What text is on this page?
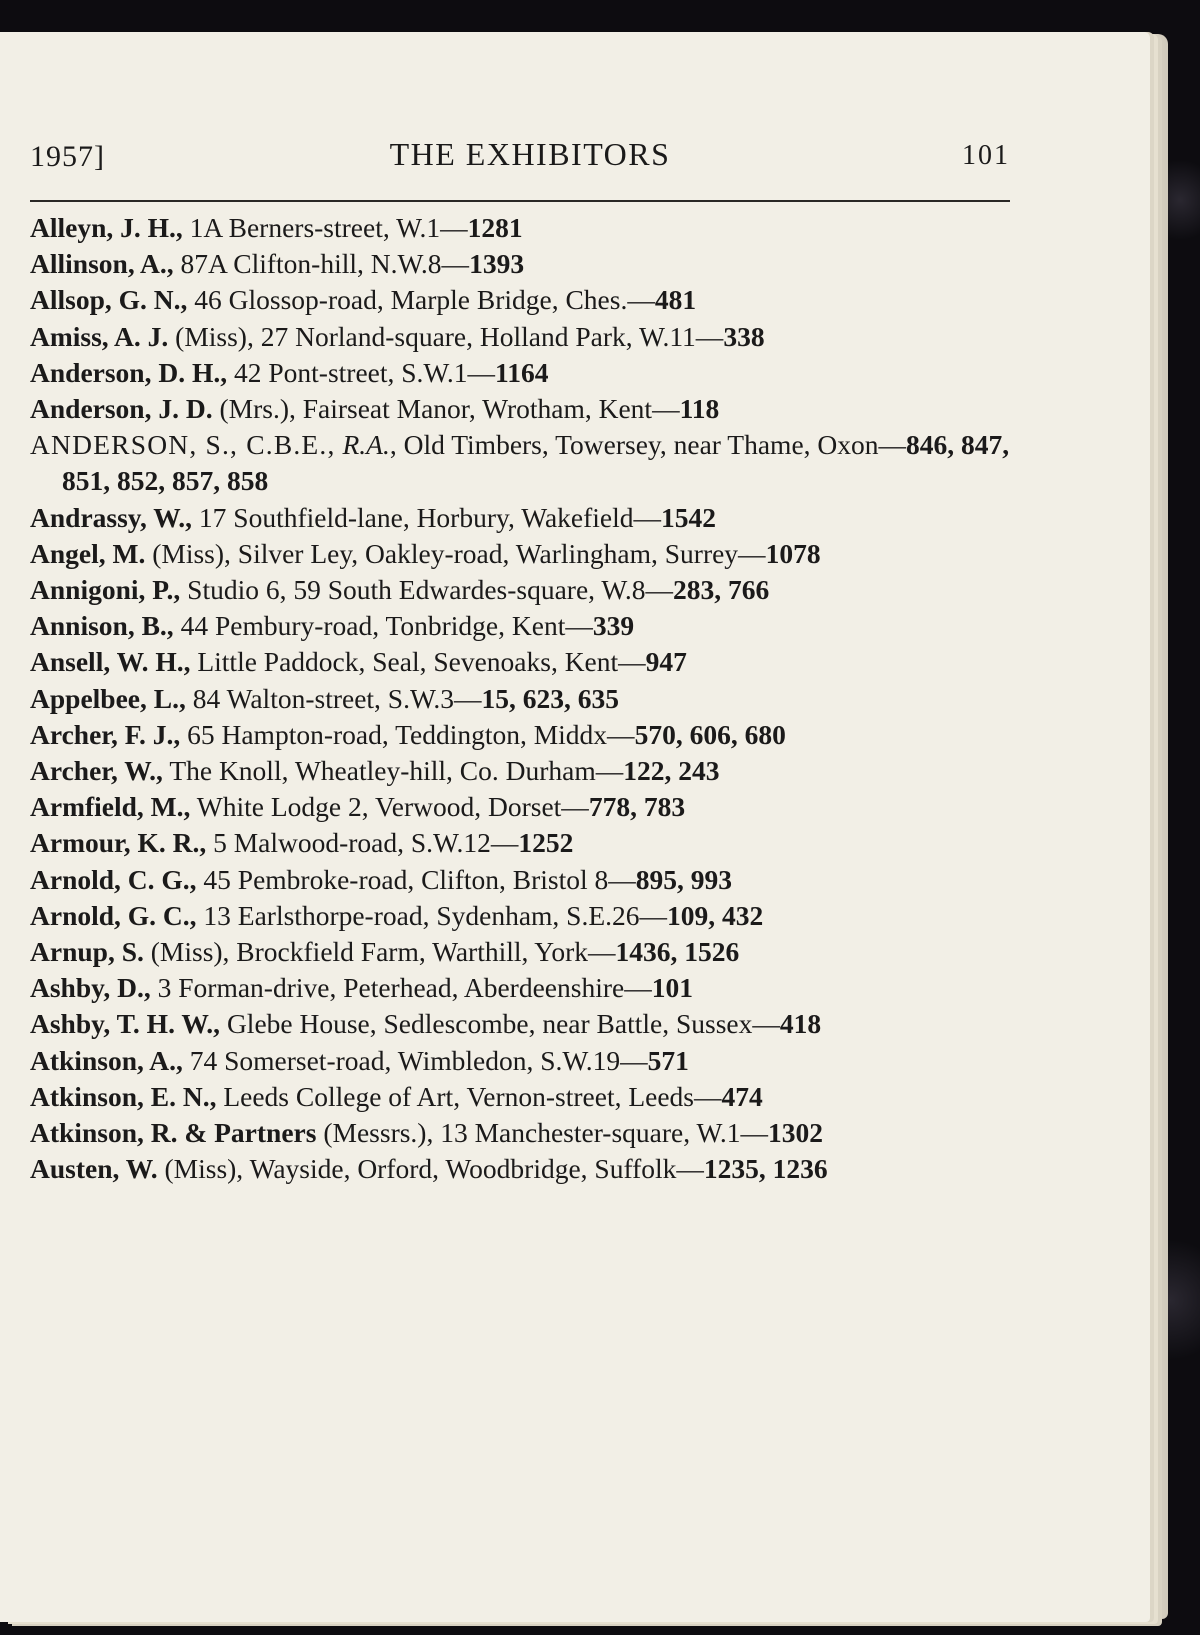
1957]	THE EXHIBITORS	101

Alleyn, J. H., 1A Berners-street, W.1—1281

Allinson, A., 87A Clifton-hill, N.W.8—1393

Allsop, G. N., 46 Glossop-road, Marple Bridge, Ches.—481

Amiss, A. J. (Miss), 27 Norland-square, Holland Park, W.11—338

Anderson, D. H., 42 Pont-street, S.W.1—1164

Anderson, J. D. (Mrs.), Fairseat Manor, Wrotham, Kent—118

ANDERSON, S., C.B.E., R.A., Old Timbers, Towersey, near Thame, Oxon—846, 847, 851, 852, 857, 858

Andrassy, W., 17 Southfield-lane, Horbury, Wakefield—1542

Angel, M. (Miss), Silver Ley, Oakley-road, Warlingham, Surrey—1078

Annigoni, P., Studio 6, 59 South Edwardes-square, W.8—283, 766

Annison, B., 44 Pembury-road, Tonbridge, Kent—339

Ansell, W. H., Little Paddock, Seal, Sevenoaks, Kent—947

Appelbee, L., 84 Walton-street, S.W.3—15, 623, 635

Archer, F. J., 65 Hampton-road, Teddington, Middx—570, 606, 680

Archer, W., The Knoll, Wheatley-hill, Co. Durham—122, 243

Armfield, M., White Lodge 2, Verwood, Dorset—778, 783

Armour, K. R., 5 Malwood-road, S.W.12—1252

Arnold, C. G., 45 Pembroke-road, Clifton, Bristol 8—895, 993

Arnold, G. C., 13 Earlsthorpe-road, Sydenham, S.E.26—109, 432

Arnup, S. (Miss), Brockfield Farm, Warthill, York—1436, 1526

Ashby, D., 3 Forman-drive, Peterhead, Aberdeenshire—101

Ashby, T. H. W., Glebe House, Sedlescombe, near Battle, Sussex—418

Atkinson, A., 74 Somerset-road, Wimbledon, S.W.19—571

Atkinson, E. N., Leeds College of Art, Vernon-street, Leeds—474

Atkinson, R. & Partners (Messrs.), 13 Manchester-square, W.1—1302

Austen, W. (Miss), Wayside, Orford, Woodbridge, Suffolk—1235, 1236
